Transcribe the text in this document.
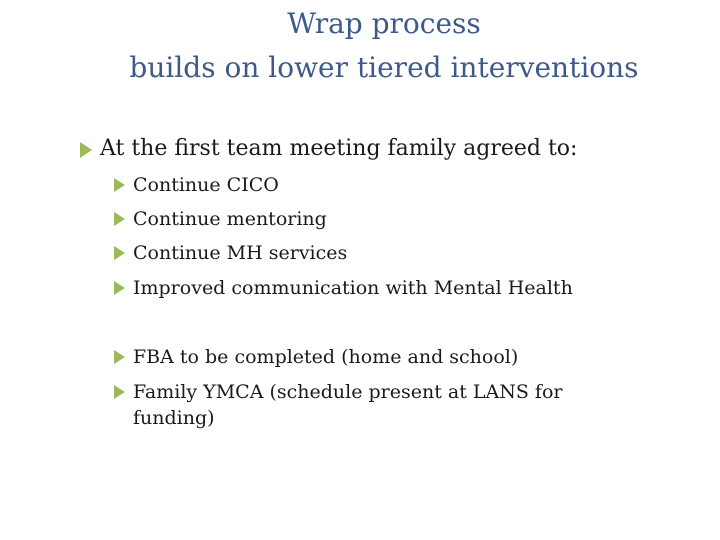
Wrap process
builds on lower tiered interventions
At the first team meeting family agreed to:
Continue CICO
Continue mentoring
Continue MH services
Improved communication with Mental Health
FBA to be completed (home and school)
Family YMCA (schedule present at LANS for funding)
